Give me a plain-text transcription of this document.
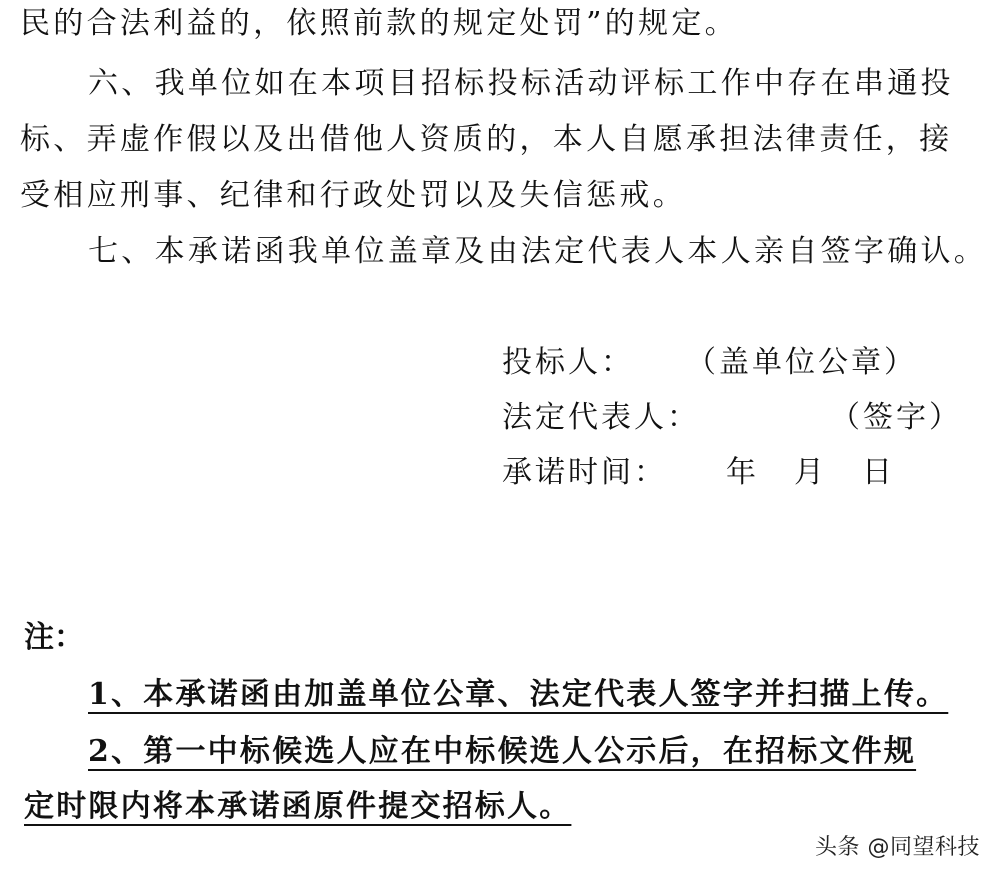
民的合法利益的，依照前款的规定处罚”的规定。
六、我单位如在本项目招标投标活动评标工作中存在串通投
标、弄虚作假以及出借他人资质的，本人自愿承担法律责任，接
受相应刑事、纪律和行政处罚以及失信惩戒。
七、本承诺函我单位盖章及由法定代表人本人亲自签字确认。
投标人： （盖单位公章）
法定代表人：	（签字）
承诺时间： 年 月 日
注：
1、本承诺函由加盖单位公章、法定代表人签字并扫描上传。
2、第一中标候选人应在中标候选人公示后，在招标文件规
定时限内将本承诺函原件提交招标人。
头条 @同望科技
